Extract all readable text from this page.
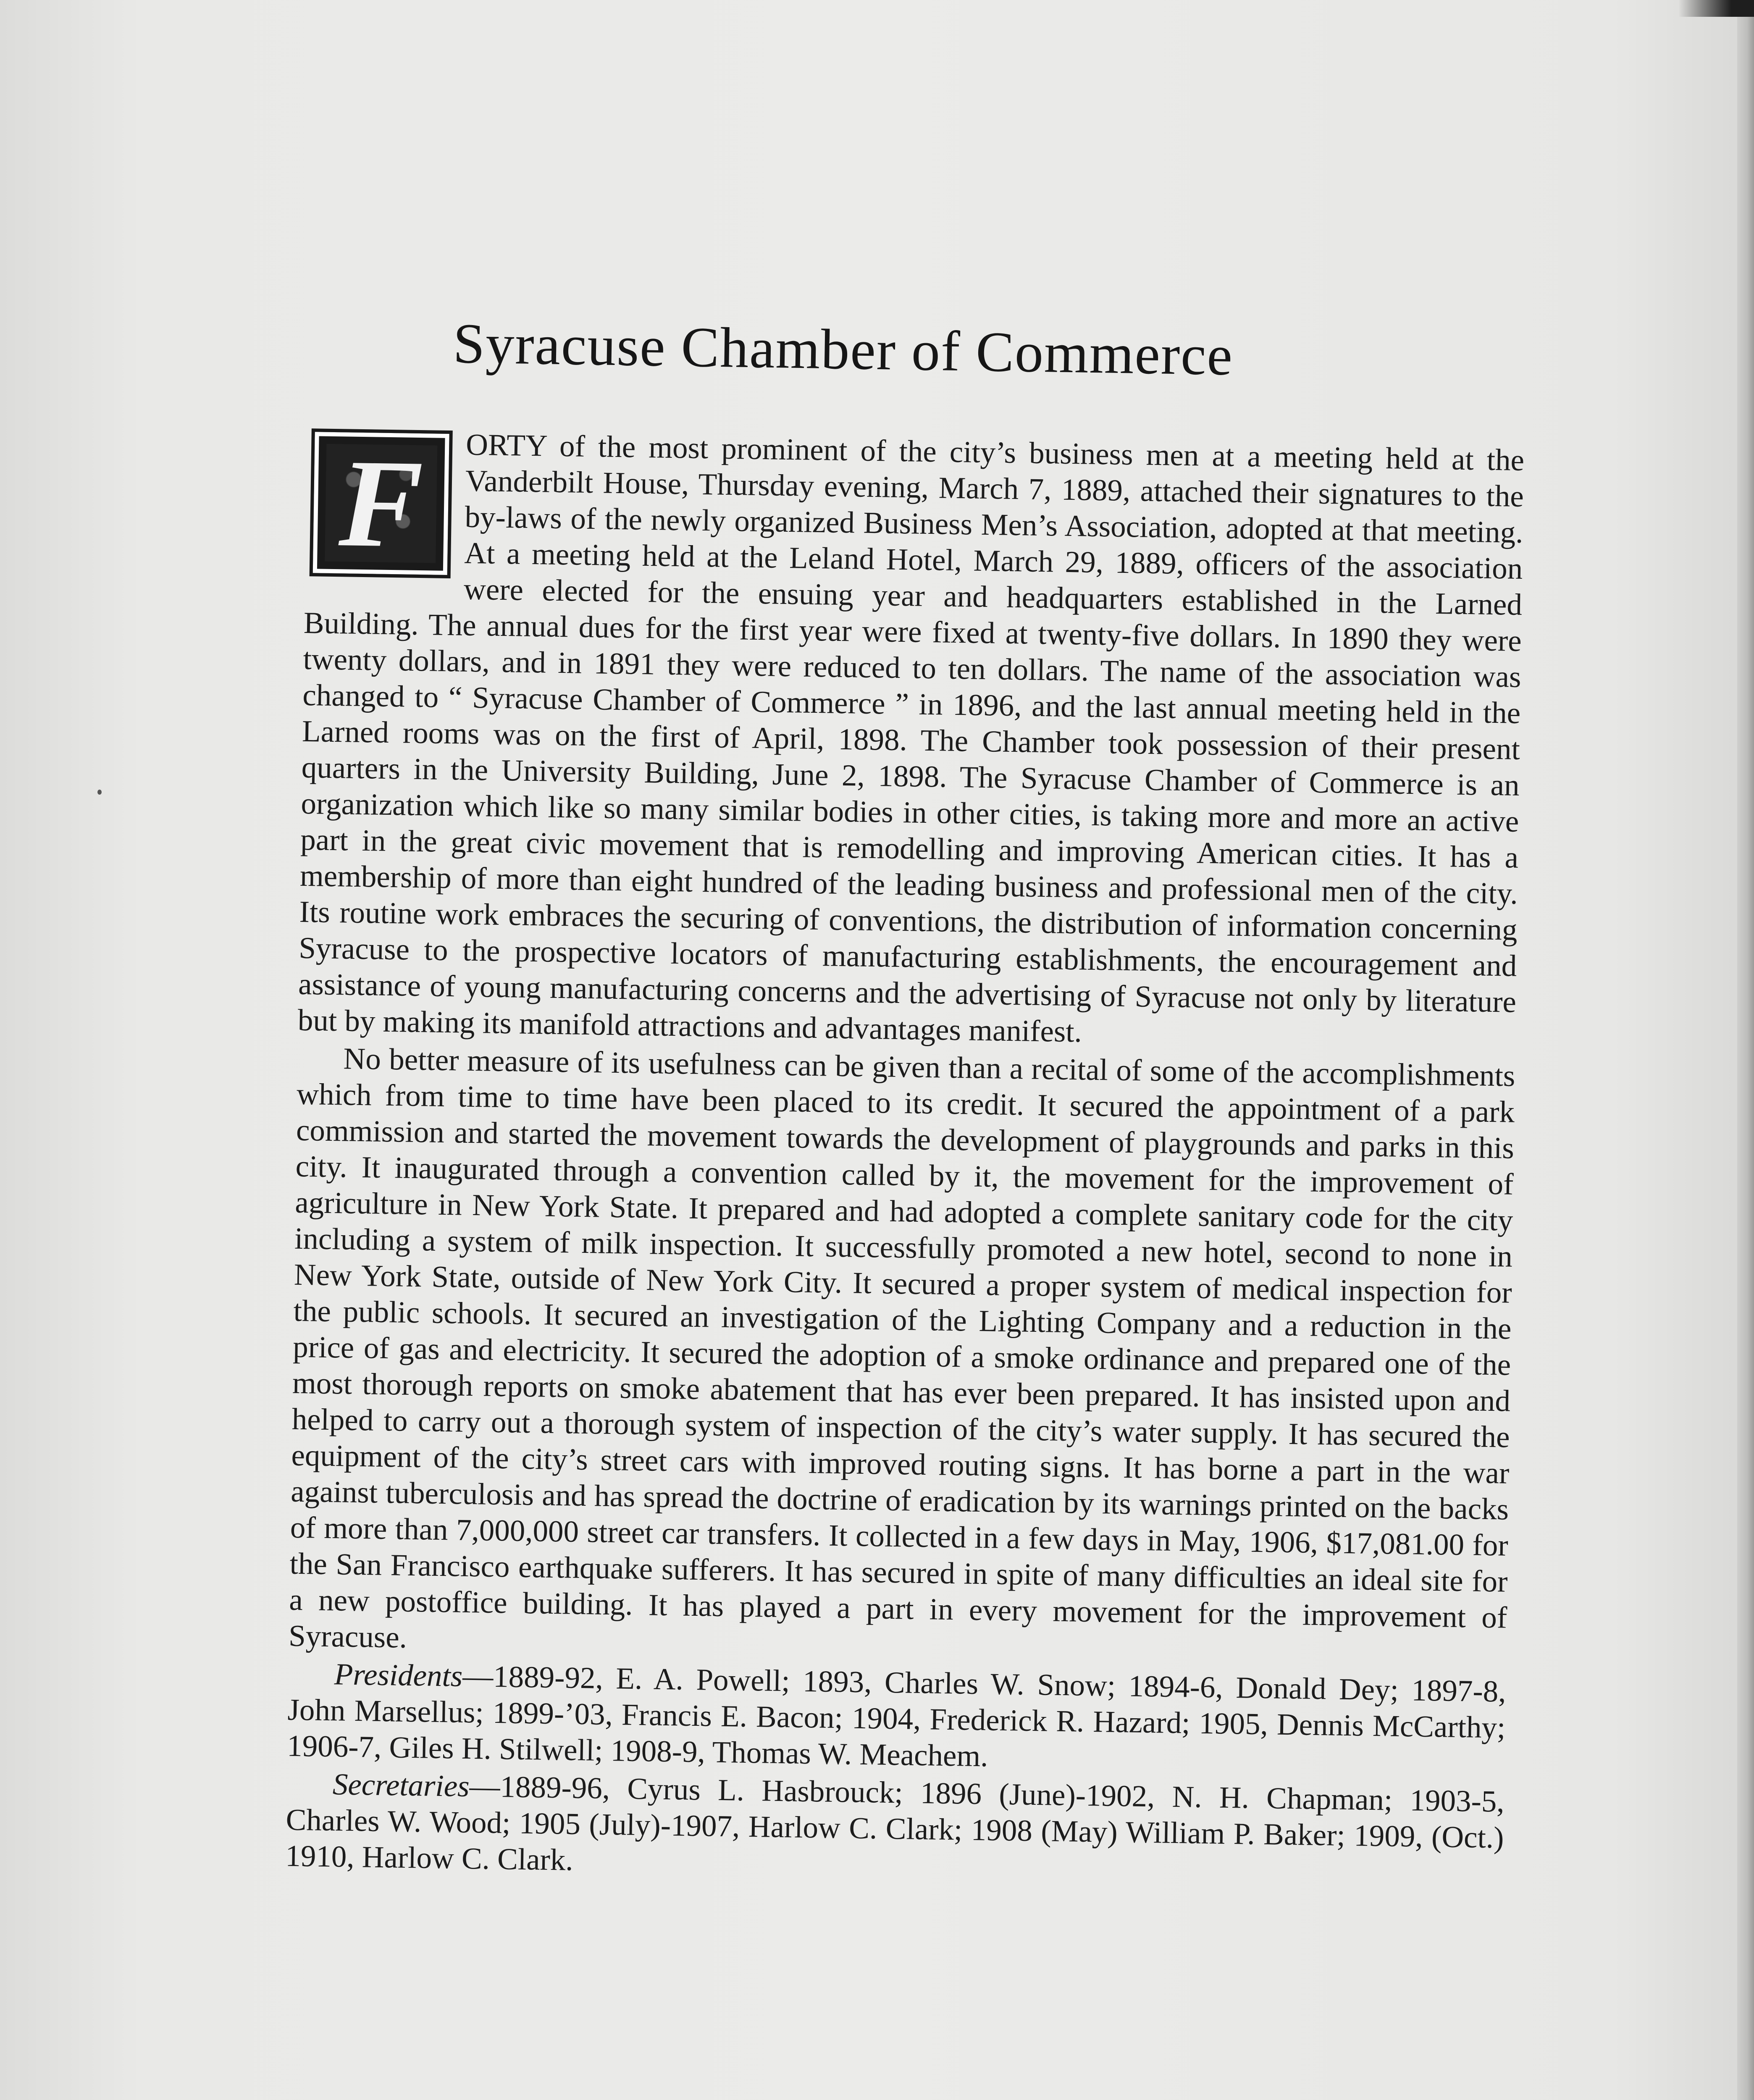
Syracuse Chamber of Commerce
F	ORTY of the most prominent of the city’s business men at a meeting held at the Vanderbilt House, Thursday evening, March 7, 1889, attached their signatures to the by-laws of the newly organized Business Men’s Association, adopted at that meeting. At a meeting held at the Leland Hotel, March 29, 1889, officers of the association were elected for the ensuing year and headquarters established in the Larned Building. The annual dues for the first year were fixed at twenty-five dollars. In 1890 they were twenty dollars, and in 1891 they were reduced to ten dollars. The name of the association was changed to “ Syracuse Chamber of Commerce ” in 1896, and the last annual meeting held in the Larned rooms was on the first of April, 1898. The Chamber took possession of their present quarters in the University Building, June 2, 1898. The Syracuse Chamber of Commerce is an organization which like so many similar bodies in other cities, is taking more and more an active part in the great civic movement that is remodelling and improving American cities. It has a membership of more than eight hundred of the leading business and professional men of the city. Its routine work embraces the securing of conventions, the distribution of information concerning Syracuse to the prospective locators of manufacturing establishments, the encouragement and assistance of young manufacturing concerns and the advertising of Syracuse not only by literature but by making its manifold attractions and advantages manifest.

No better measure of its usefulness can be given than a recital of some of the accomplishments which from time to time have been placed to its credit. It secured the appointment of a park commission and started the movement towards the development of playgrounds and parks in this city. It inaugurated through a convention called by it, the movement for the improvement of agriculture in New York State. It prepared and had adopted a complete sanitary code for the city including a system of milk inspection. It successfully promoted a new hotel, second to none in New York State, outside of New York City. It secured a proper system of medical inspection for the public schools. It secured an investigation of the Lighting Company and a reduction in the price of gas and electricity. It secured the adoption of a smoke ordinance and prepared one of the most thorough reports on smoke abatement that has ever been prepared. It has insisted upon and helped to carry out a thorough system of inspection of the city’s water supply. It has secured the equipment of the city’s street cars with improved routing signs. It has borne a part in the war against tuberculosis and has spread the doctrine of eradication by its warnings printed on the backs of more than 7,000,000 street car transfers. It collected in a few days in May, 1906, $17,081.00 for the San Francisco earthquake sufferers. It has secured in spite of many difficulties an ideal site for a new postoffice building. It has played a part in every movement for the improvement of Syracuse.

Presidents—1889-92, E. A. Powell; 1893, Charles W. Snow; 1894-6, Donald Dey; 1897-8, John Marsellus; 1899-’03, Francis E. Bacon; 1904, Frederick R. Hazard; 1905, Dennis McCarthy; 1906-7, Giles H. Stilwell; 1908-9, Thomas W. Meachem.

Secretaries—1889-96, Cyrus L. Hasbrouck; 1896 (June)-1902, N. H. Chapman; 1903-5, Charles W. Wood; 1905 (July)-1907, Harlow C. Clark; 1908 (May) William P. Baker; 1909, (Oct.) 1910, Harlow C. Clark.
